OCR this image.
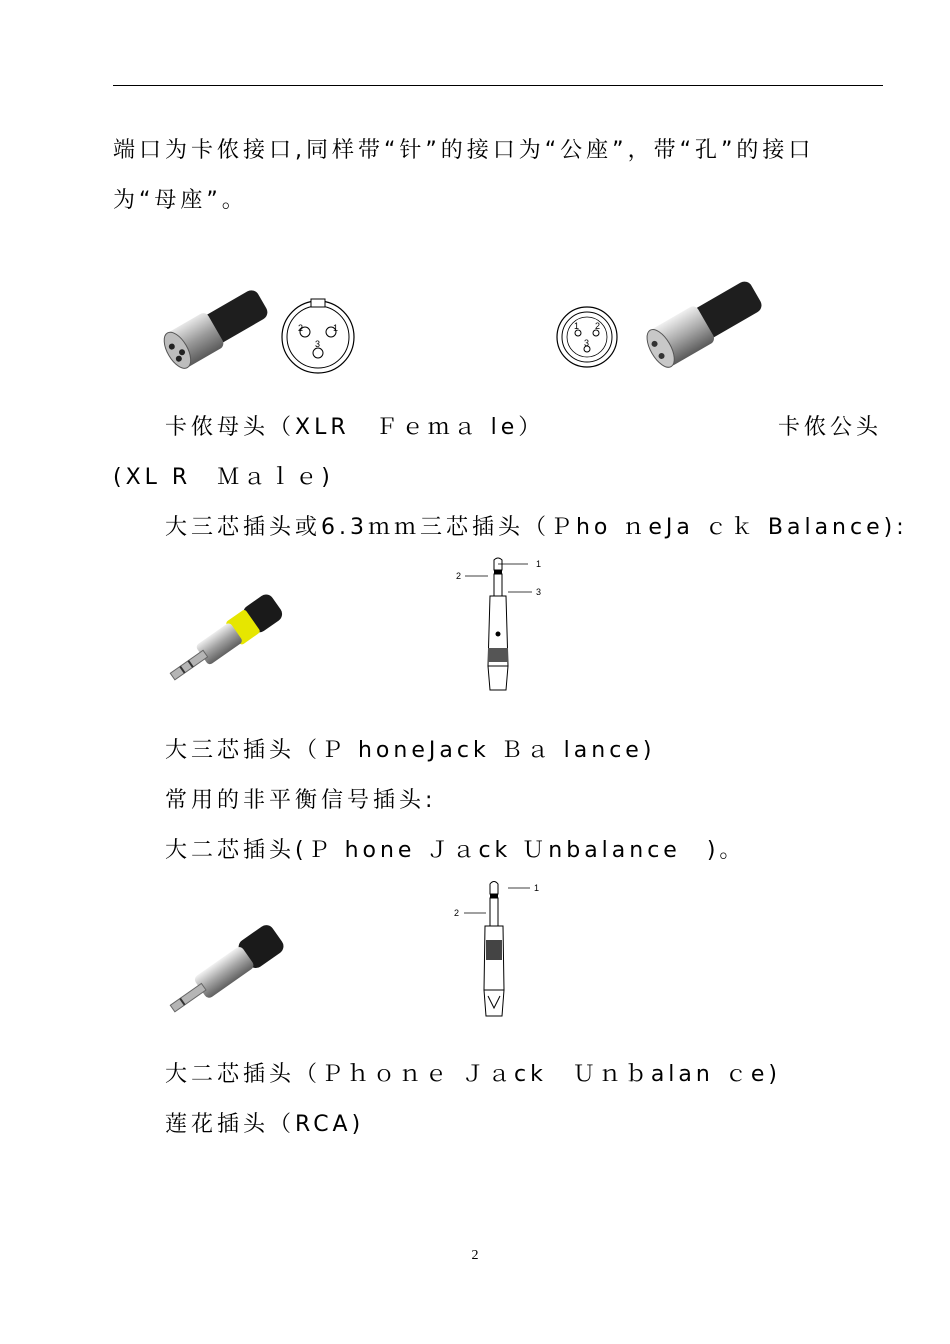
端口为卡侬接口,同样带“针”的接口为“公座”，带“孔”的接口
为“母座”。
2	1
3
1 2
3
卡侬母头（XLR　Ｆｅｍａ le）	卡侬公头
(XL R　Ｍａｌｅ)
大三芯插头或6.3ｍｍ三芯插头（Ｐho ｎeJa ｃｋ Balance):
1
2
3
大三芯插头（Ｐ honeJack Ｂａ lance)
常用的非平衡信号插头:
大二芯插头(Ｐ hone Ｊａck Ｕnbalance　)。
1
2
大二芯插头（Ｐｈｏｎｅ Ｊａck　Ｕｎｂalan ｃe)
莲花插头（RCA)
2
